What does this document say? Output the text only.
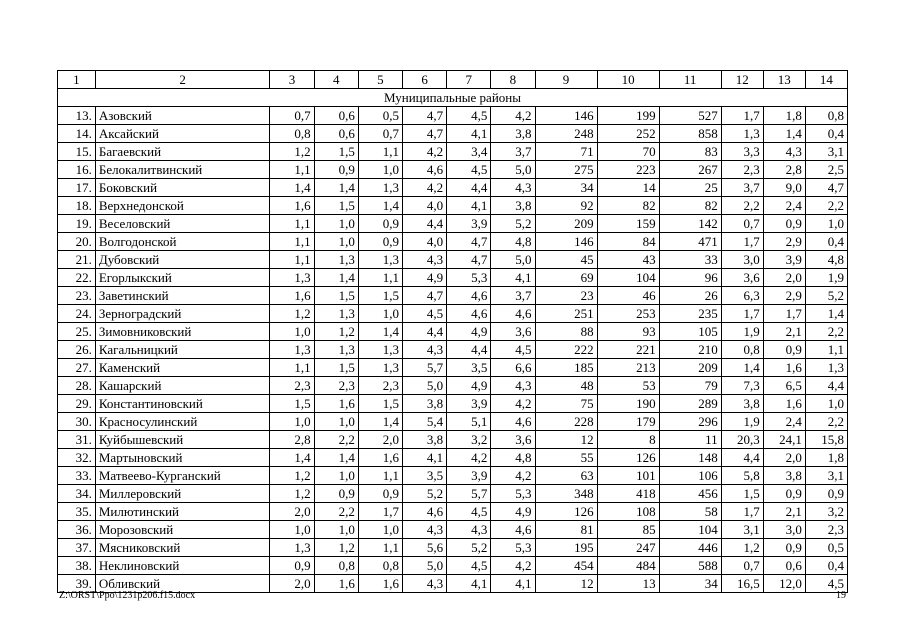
1	2	3	4	5	6	7	8	9	10	11	12	13	14
Муниципальные районы													
13.	Азовский	0,7	0,6	0,5	4,7	4,5	4,2	146	199	527	1,7	1,8	0,8
14.	Аксайский	0,8	0,6	0,7	4,7	4,1	3,8	248	252	858	1,3	1,4	0,4
15.	Багаевский	1,2	1,5	1,1	4,2	3,4	3,7	71	70	83	3,3	4,3	3,1
16.	Белокалитвинский	1,1	0,9	1,0	4,6	4,5	5,0	275	223	267	2,3	2,8	2,5
17.	Боковский	1,4	1,4	1,3	4,2	4,4	4,3	34	14	25	3,7	9,0	4,7
18.	Верхнедонской	1,6	1,5	1,4	4,0	4,1	3,8	92	82	82	2,2	2,4	2,2
19.	Веселовский	1,1	1,0	0,9	4,4	3,9	5,2	209	159	142	0,7	0,9	1,0
20.	Волгодонской	1,1	1,0	0,9	4,0	4,7	4,8	146	84	471	1,7	2,9	0,4
21.	Дубовский	1,1	1,3	1,3	4,3	4,7	5,0	45	43	33	3,0	3,9	4,8
22.	Егорлыкский	1,3	1,4	1,1	4,9	5,3	4,1	69	104	96	3,6	2,0	1,9
23.	Заветинский	1,6	1,5	1,5	4,7	4,6	3,7	23	46	26	6,3	2,9	5,2
24.	Зерноградский	1,2	1,3	1,0	4,5	4,6	4,6	251	253	235	1,7	1,7	1,4
25.	Зимовниковский	1,0	1,2	1,4	4,4	4,9	3,6	88	93	105	1,9	2,1	2,2
26.	Кагальницкий	1,3	1,3	1,3	4,3	4,4	4,5	222	221	210	0,8	0,9	1,1
27.	Каменский	1,1	1,5	1,3	5,7	3,5	6,6	185	213	209	1,4	1,6	1,3
28.	Кашарский	2,3	2,3	2,3	5,0	4,9	4,3	48	53	79	7,3	6,5	4,4
29.	Константиновский	1,5	1,6	1,5	3,8	3,9	4,2	75	190	289	3,8	1,6	1,0
30.	Красносулинский	1,0	1,0	1,4	5,4	5,1	4,6	228	179	296	1,9	2,4	2,2
31.	Куйбышевский	2,8	2,2	2,0	3,8	3,2	3,6	12	8	11	20,3	24,1	15,8
32.	Мартыновский	1,4	1,4	1,6	4,1	4,2	4,8	55	126	148	4,4	2,0	1,8
33.	Матвеево-Курганский	1,2	1,0	1,1	3,5	3,9	4,2	63	101	106	5,8	3,8	3,1
34.	Миллеровский	1,2	0,9	0,9	5,2	5,7	5,3	348	418	456	1,5	0,9	0,9
35.	Милютинский	2,0	2,2	1,7	4,6	4,5	4,9	126	108	58	1,7	2,1	3,2
36.	Морозовский	1,0	1,0	1,0	4,3	4,3	4,6	81	85	104	3,1	3,0	2,3
37.	Мясниковский	1,3	1,2	1,1	5,6	5,2	5,3	195	247	446	1,2	0,9	0,5
38.	Неклиновский	0,9	0,8	0,8	5,0	4,5	4,2	454	484	588	0,7	0,6	0,4
39.	Обливский	2,0	1,6	1,6	4,3	4,1	4,1	12	13	34	16,5	12,0	4,5
Z:\ORST\Ppo\1231p206.f15.docx	19
